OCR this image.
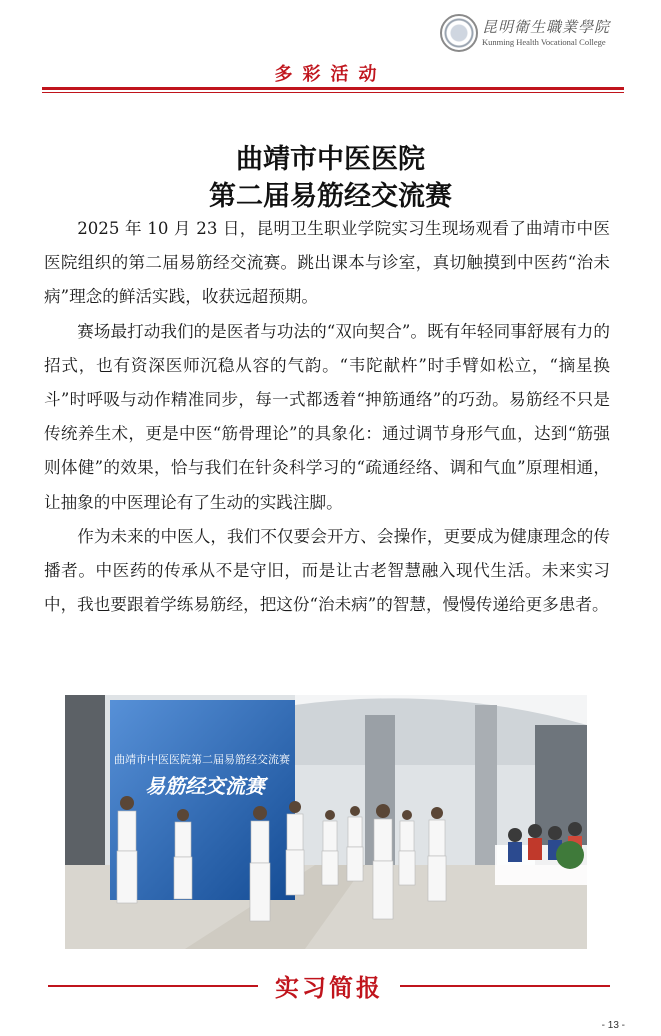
昆明衛生職業學院
Kunming Health Vocational College
多彩活动
曲靖市中医医院
第二届易筋经交流赛

2025 年 10 月 23 日，昆明卫生职业学院实习生现场观看了曲靖市中医医院组织的第二届易筋经交流赛。跳出课本与诊室，真切触摸到中医药“治未病”理念的鲜活实践，收获远超预期。

赛场最打动我们的是医者与功法的“双向契合”。既有年轻同事舒展有力的招式，也有资深医师沉稳从容的气韵。“韦陀献杵”时手臂如松立，“摘星换斗”时呼吸与动作精准同步，每一式都透着“抻筋通络”的巧劲。易筋经不只是传统养生术，更是中医“筋骨理论”的具象化：通过调节身形气血，达到“筋强则体健”的效果，恰与我们在针灸科学习的“疏通经络、调和气血”原理相通，让抽象的中医理论有了生动的实践注脚。

作为未来的中医人，我们不仅要会开方、会操作，更要成为健康理念的传播者。中医药的传承从不是守旧，而是让古老智慧融入现代生活。未来实习中，我也要跟着学练易筋经，把这份“治未病”的智慧，慢慢传递给更多患者。

曲靖市中医医院第二届易筋经交流赛
易筋经交流赛
实习简报
- 13 -
